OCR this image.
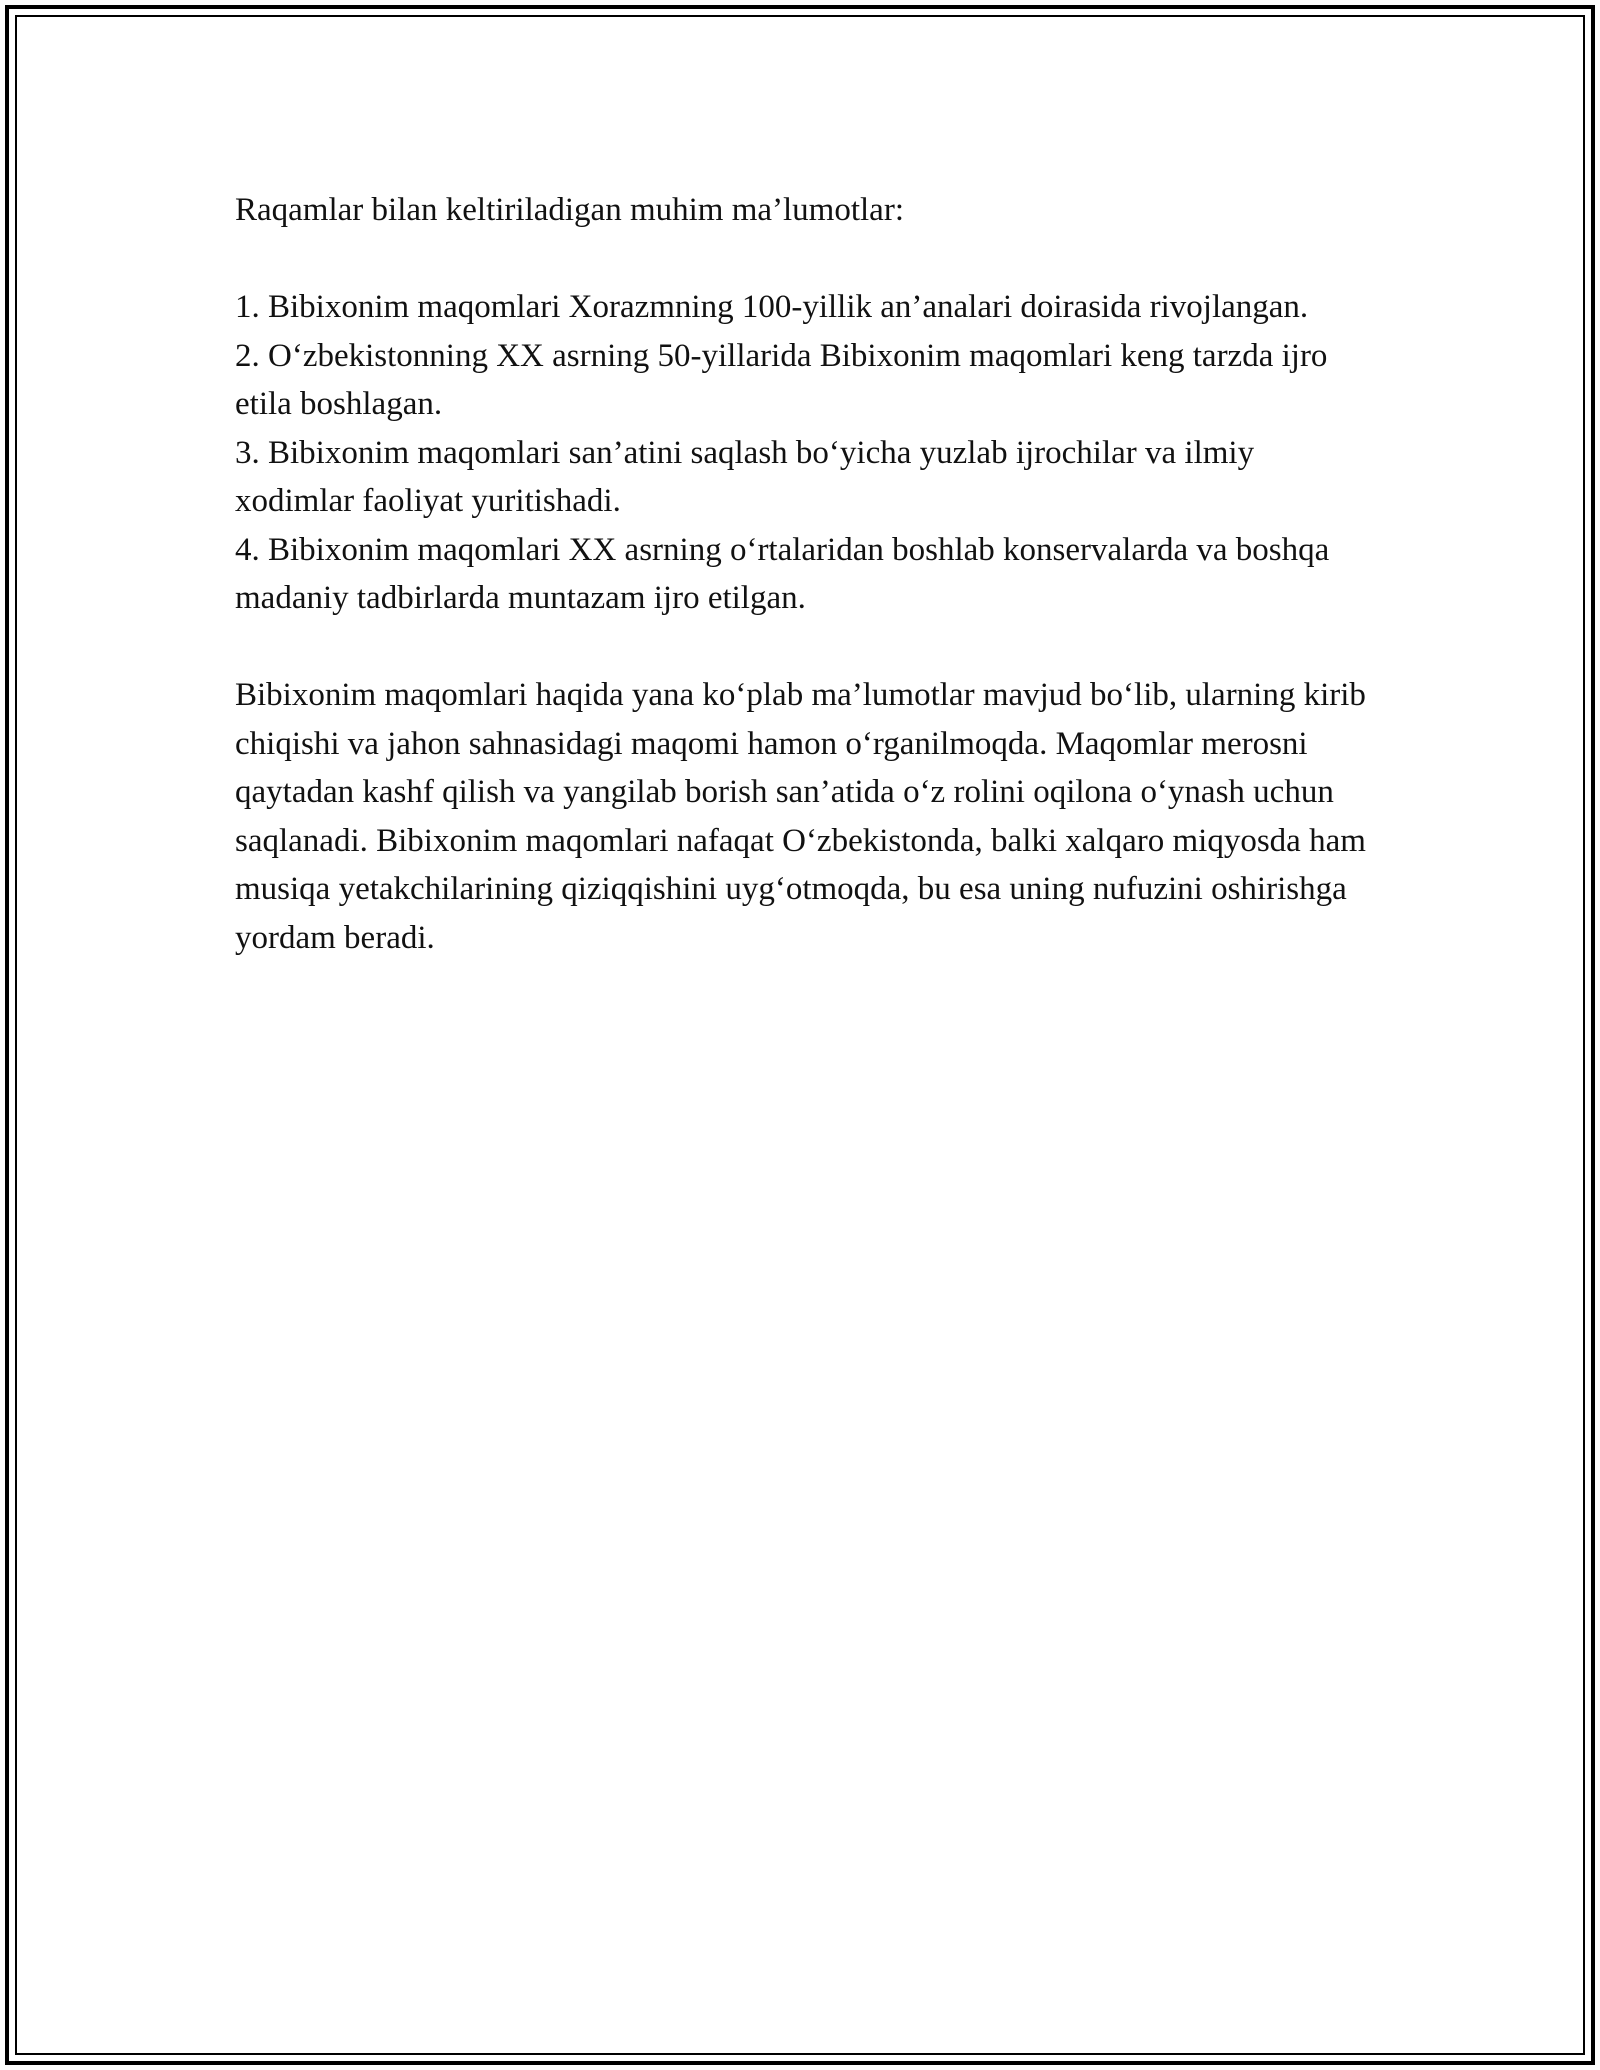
Raqamlar bilan keltiriladigan muhim ma’lumotlar:

1. Bibixonim maqomlari Xorazmning 100-yillik an’analari doirasida rivojlangan.
2. O‘zbekistonning XX asrning 50-yillarida Bibixonim maqomlari keng tarzda ijro etila boshlagan.
3. Bibixonim maqomlari san’atini saqlash bo‘yicha yuzlab ijrochilar va ilmiy xodimlar faoliyat yuritishadi.
4. Bibixonim maqomlari XX asrning o‘rtalaridan boshlab konservalarda va boshqa madaniy tadbirlarda muntazam ijro etilgan.

Bibixonim maqomlari haqida yana ko‘plab ma’lumotlar mavjud bo‘lib, ularning kirib chiqishi va jahon sahnasidagi maqomi hamon o‘rganilmoqda. Maqomlar merosni qaytadan kashf qilish va yangilab borish san’atida o‘z rolini oqilona o‘ynash uchun saqlanadi. Bibixonim maqomlari nafaqat O‘zbekistonda, balki xalqaro miqyosda ham musiqa yetakchilarining qiziqqishini uyg‘otmoqda, bu esa uning nufuzini oshirishga yordam beradi.
